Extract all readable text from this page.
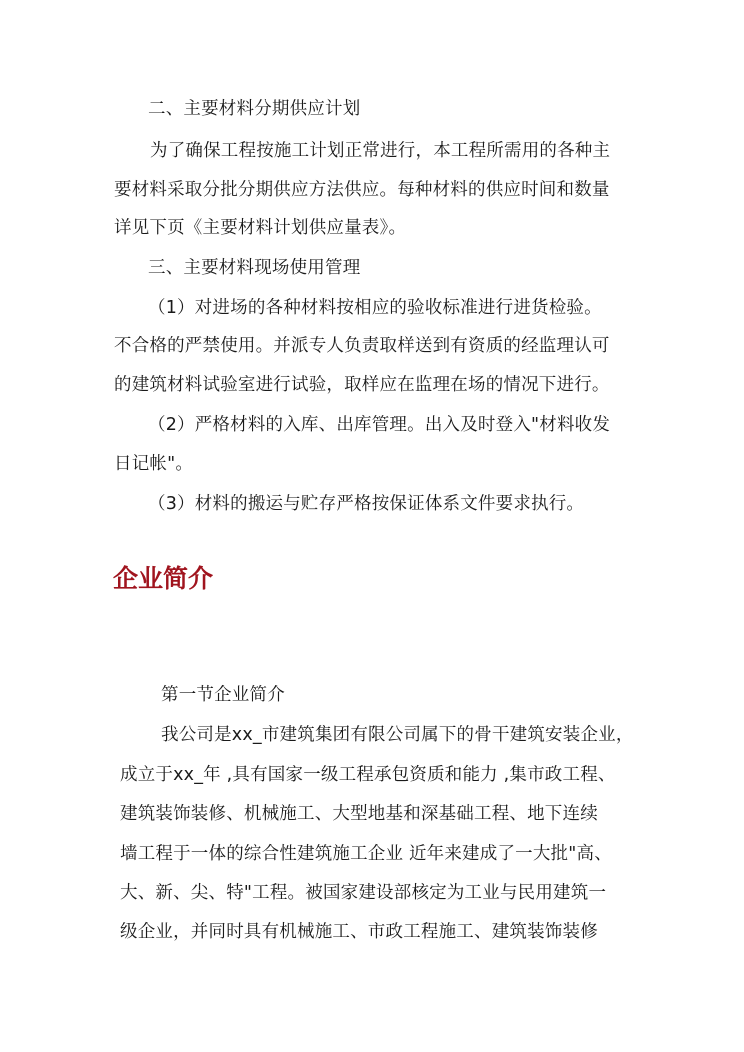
二、主要材料分期供应计划
为了确保工程按施工计划正常进行，本工程所需用的各种主
要材料采取分批分期供应方法供应。每种材料的供应时间和数量
详见下页《主要材料计划供应量表》。
三、主要材料现场使用管理
（1）对进场的各种材料按相应的验收标准进行进货检验。
不合格的严禁使用。并派专人负责取样送到有资质的经监理认可
的建筑材料试验室进行试验，取样应在监理在场的情况下进行。
（2）严格材料的入库、出库管理。出入及时登入"材料收发
日记帐"。
（3）材料的搬运与贮存严格按保证体系文件要求执行。
企业简介
第一节企业简介
我公司是xx_市建筑集团有限公司属下的骨干建筑安装企业，
成立于xx_年 ,具有国家一级工程承包资质和能力 ,集市政工程、
建筑装饰装修、机械施工、大型地基和深基础工程、地下连续
墙工程于一体的综合性建筑施工企业 近年来建成了一大批"高、
大、新、尖、特"工程。被国家建设部核定为工业与民用建筑一
级企业，并同时具有机械施工、市政工程施工、建筑装饰装修
